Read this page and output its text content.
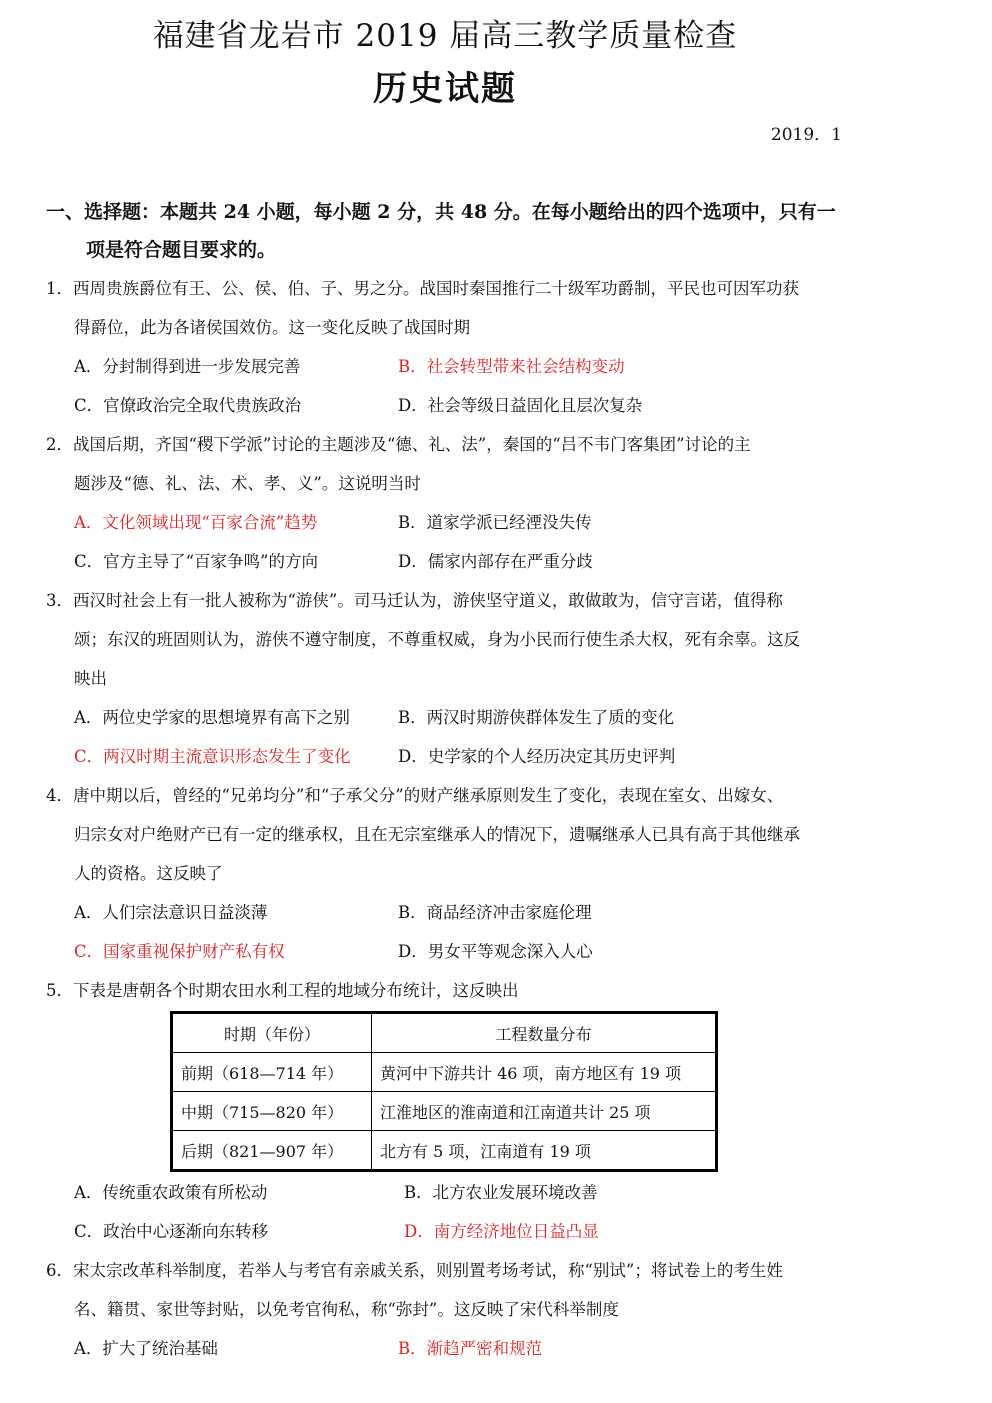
福建省龙岩市 2019 届高三教学质量检查
历史试题
2019．1
一、选择题：本题共 24 小题，每小题 2 分，共 48 分。在每小题给出的四个选项中，只有一
项是符合题目要求的。
1．西周贵族爵位有王、公、侯、伯、子、男之分。战国时秦国推行二十级军功爵制，平民也可因军功获
得爵位，此为各诸侯国效仿。这一变化反映了战国时期
A．分封制得到进一步发展完善	B．社会转型带来社会结构变动
C．官僚政治完全取代贵族政治	D．社会等级日益固化且层次复杂
2．战国后期，齐国“稷下学派”讨论的主题涉及“德、礼、法”，秦国的“吕不韦门客集团”讨论的主
题涉及“德、礼、法、术、孝、义”。这说明当时
A．文化领域出现“百家合流”趋势	B．道家学派已经湮没失传
C．官方主导了“百家争鸣”的方向	D．儒家内部存在严重分歧
3．西汉时社会上有一批人被称为“游侠”。司马迁认为，游侠坚守道义，敢做敢为，信守言诺，值得称
颂；东汉的班固则认为，游侠不遵守制度，不尊重权威，身为小民而行使生杀大权，死有余辜。这反
映出
A．两位史学家的思想境界有高下之别	B．两汉时期游侠群体发生了质的变化
C．两汉时期主流意识形态发生了变化	D．史学家的个人经历决定其历史评判
4．唐中期以后，曾经的“兄弟均分”和“子承父分”的财产继承原则发生了变化，表现在室女、出嫁女、
归宗女对户绝财产已有一定的继承权，且在无宗室继承人的情况下，遗嘱继承人已具有高于其他继承
人的资格。这反映了
A．人们宗法意识日益淡薄	B．商品经济冲击家庭伦理
C．国家重视保护财产私有权	D．男女平等观念深入人心
5．下表是唐朝各个时期农田水利工程的地域分布统计，这反映出
时期（年份）	工程数量分布
前期（618—714 年）	黄河中下游共计 46 项，南方地区有 19 项
中期（715—820 年）	江淮地区的淮南道和江南道共计 25 项
后期（821—907 年）	北方有 5 项，江南道有 19 项
A．传统重农政策有所松动	B．北方农业发展环境改善
C．政治中心逐渐向东转移	D．南方经济地位日益凸显
6．宋太宗改革科举制度，若举人与考官有亲戚关系，则别置考场考试，称“别试”；将试卷上的考生姓
名、籍贯、家世等封贴，以免考官徇私，称“弥封”。这反映了宋代科举制度
A．扩大了统治基础	B．渐趋严密和规范
